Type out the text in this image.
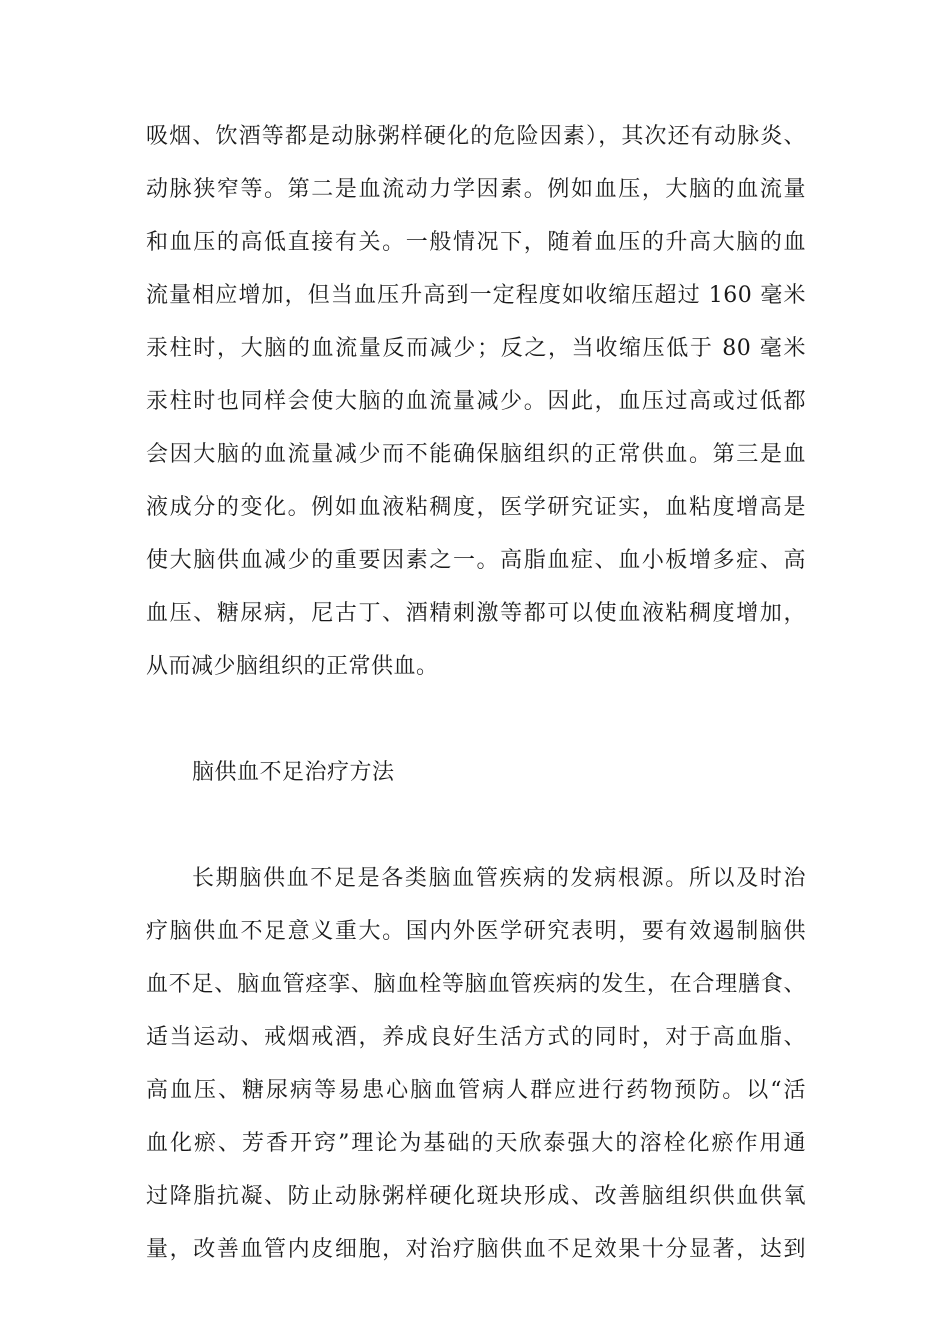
吸烟、饮酒等都是动脉粥样硬化的危险因素），其次还有动脉炎、
动脉狭窄等。第二是血流动力学因素。例如血压，大脑的血流量
和血压的高低直接有关。一般情况下，随着血压的升高大脑的血
流量相应增加，但当血压升高到一定程度如收缩压超过 160 毫米
汞柱时，大脑的血流量反而减少；反之，当收缩压低于 80 毫米
汞柱时也同样会使大脑的血流量减少。因此，血压过高或过低都
会因大脑的血流量减少而不能确保脑组织的正常供血。第三是血
液成分的变化。例如血液粘稠度，医学研究证实，血粘度增高是
使大脑供血减少的重要因素之一。高脂血症、血小板增多症、高
血压、糖尿病，尼古丁、酒精刺激等都可以使血液粘稠度增加，
从而减少脑组织的正常供血。
脑供血不足治疗方法
长期脑供血不足是各类脑血管疾病的发病根源。所以及时治
疗脑供血不足意义重大。国内外医学研究表明，要有效遏制脑供
血不足、脑血管痉挛、脑血栓等脑血管疾病的发生，在合理膳食、
适当运动、戒烟戒酒，养成良好生活方式的同时，对于高血脂、
高血压、糖尿病等易患心脑血管病人群应进行药物预防。以“活
血化瘀、芳香开窍”理论为基础的天欣泰强大的溶栓化瘀作用通
过降脂抗凝、防止动脉粥样硬化斑块形成、改善脑组织供血供氧
量，改善血管内皮细胞，对治疗脑供血不足效果十分显著，达到
